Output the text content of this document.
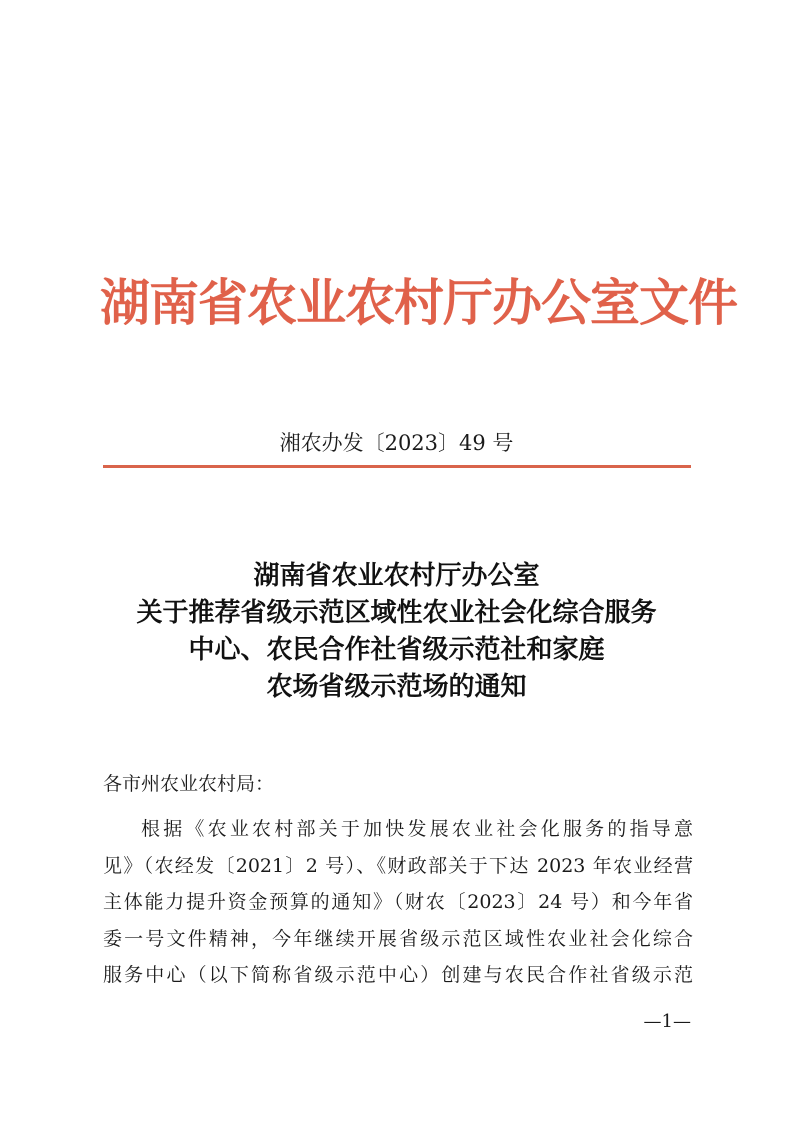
湖南省农业农村厅办公室文件
湘农办发〔2023〕49 号
湖南省农业农村厅办公室
关于推荐省级示范区域性农业社会化综合服务
中心、农民合作社省级示范社和家庭
农场省级示范场的通知
各市州农业农村局：
根据《农业农村部关于加快发展农业社会化服务的指导意
见》（农经发〔2021〕2 号）、《财政部关于下达 2023 年农业经营
主体能力提升资金预算的通知》（财农〔2023〕24 号）和今年省
委一号文件精神，今年继续开展省级示范区域性农业社会化综合
服务中心（以下简称省级示范中心）创建与农民合作社省级示范
—1—
